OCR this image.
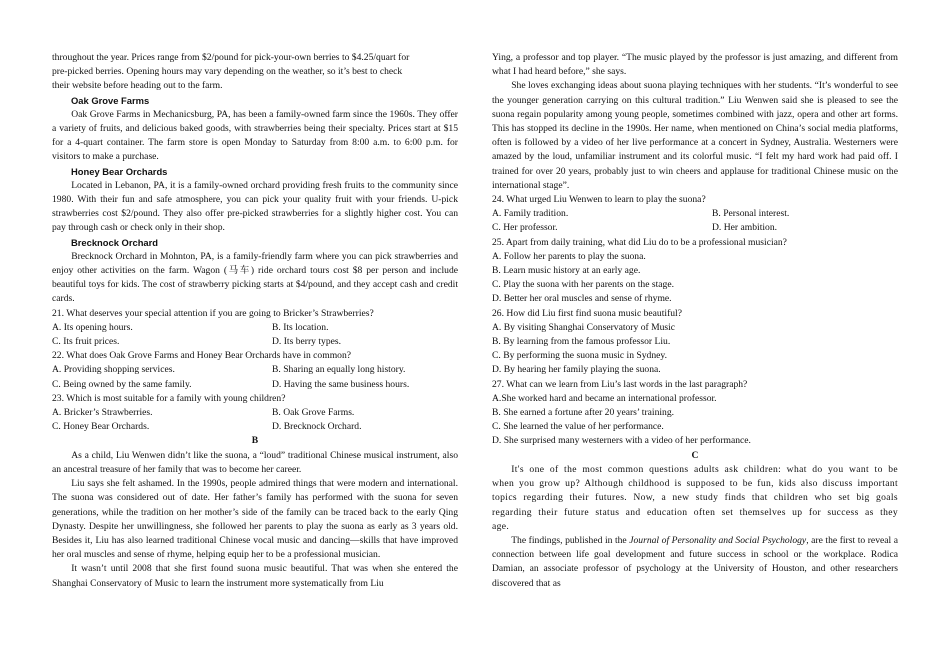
throughout the year. Prices range from $2/pound for pick-your-own berries to $4.25/quart for

pre-picked berries. Opening hours may vary depending on the weather, so it’s best to check

their website before heading out to the farm.

Oak Grove Farms

Oak Grove Farms in Mechanicsburg, PA, has been a family-owned farm since the 1960s. They offer a variety of fruits, and delicious baked goods, with strawberries being their specialty. Prices start at $15 for a 4-quart container. The farm store is open Monday to Saturday from 8:00 a.m. to 6:00 p.m. for visitors to make a purchase.

Honey Bear Orchards

Located in Lebanon, PA, it is a family-owned orchard providing fresh fruits to the community since 1980. With their fun and safe atmosphere, you can pick your quality fruit with your friends. U-pick strawberries cost $2/pound. They also offer pre-picked strawberries for a slightly higher cost. You can pay through cash or check only in their shop.

Brecknock Orchard

Brecknock Orchard in Mohnton, PA, is a family-friendly farm where you can pick strawberries and enjoy other activities on the farm. Wagon (马车) ride orchard tours cost $8 per person and include beautiful toys for kids. The cost of strawberry picking starts at $4/pound, and they accept cash and credit cards.

21. What deserves your special attention if you are going to Bricker’s Strawberries?

A. Its opening hours.	B. Its location.
C. Its fruit prices.	D. Its berry types.

22. What does Oak Grove Farms and Honey Bear Orchards have in common?

A. Providing shopping services.	B. Sharing an equally long history.
C. Being owned by the same family.	D. Having the same business hours.

23. Which is most suitable for a family with young children?

A. Bricker’s Strawberries.	B. Oak Grove Farms.
C. Honey Bear Orchards.	D. Brecknock Orchard.

B

As a child, Liu Wenwen didn’t like the suona, a “loud” traditional Chinese musical instrument, also an ancestral treasure of her family that was to become her career.

Liu says she felt ashamed. In the 1990s, people admired things that were modern and international. The suona was considered out of date. Her father’s family has performed with the suona for seven generations, while the tradition on her mother’s side of the family can be traced back to the early Qing Dynasty. Despite her unwillingness, she followed her parents to play the suona as early as 3 years old. Besides it, Liu has also learned traditional Chinese vocal music and dancing—skills that have improved her oral muscles and sense of rhyme, helping equip her to be a professional musician.

It wasn’t until 2008 that she first found suona music beautiful. That was when she entered the Shanghai Conservatory of Music to learn the instrument more systematically from Liu

Ying, a professor and top player. “The music played by the professor is just amazing, and different from what I had heard before,” she says.

She loves exchanging ideas about suona playing techniques with her students. “It’s wonderful to see the younger generation carrying on this cultural tradition.” Liu Wenwen said she is pleased to see the suona regain popularity among young people, sometimes combined with jazz, opera and other art forms. This has stopped its decline in the 1990s. Her name, when mentioned on China’s social media platforms, often is followed by a video of her live performance at a concert in Sydney, Australia. Westerners were amazed by the loud, unfamiliar instrument and its colorful music. “I felt my hard work had paid off. I trained for over 20 years, probably just to win cheers and applause for traditional Chinese music on the international stage”.

24. What urged Liu Wenwen to learn to play the suona?

A. Family tradition.	B. Personal interest.
C. Her professor.	D. Her ambition.

25. Apart from daily training, what did Liu do to be a professional musician?

A. Follow her parents to play the suona.

B. Learn music history at an early age.

C. Play the suona with her parents on the stage.

D. Better her oral muscles and sense of rhyme.

26. How did Liu first find suona music beautiful?

A. By visiting Shanghai Conservatory of Music

B. By learning from the famous professor Liu.

C. By performing the suona music in Sydney.

D. By hearing her family playing the suona.

27. What can we learn from Liu’s last words in the last paragraph?

A.She worked hard and became an international professor.

B. She earned a fortune after 20 years’ training.

C. She learned the value of her performance.

D. She surprised many westerners with a video of her performance.

C

It's one of the most common questions adults ask children: what do you want to be when you grow up? Although childhood is supposed to be fun, kids also discuss important topics regarding their futures. Now, a new study finds that children who set big goals regarding their future status and education often set themselves up for success as they age.

The findings, published in the Journal of Personality and Social Psychology, are the first to reveal a connection between life goal development and future success in school or the workplace. Rodica Damian, an associate professor of psychology at the University of Houston, and other researchers discovered that as
